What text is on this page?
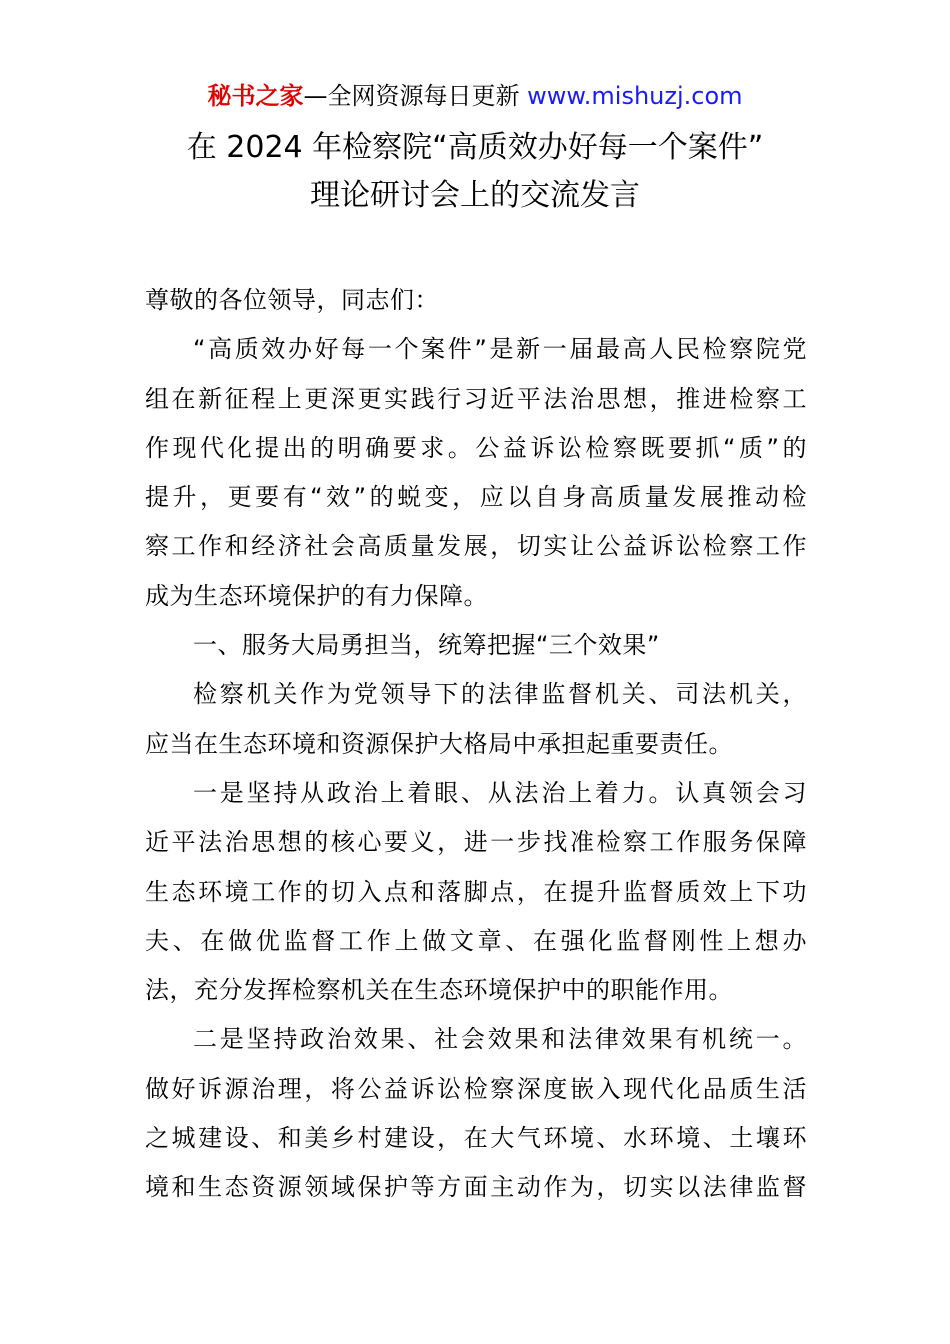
秘书之家—全网资源每日更新 www.mishuzj.com
在 2024 年检察院“高质效办好每一个案件”
理论研讨会上的交流发言
尊敬的各位领导，同志们：
“高质效办好每一个案件”是新一届最高人民检察院党
组在新征程上更深更实践行习近平法治思想，推进检察工
作现代化提出的明确要求。公益诉讼检察既要抓“质”的
提升，更要有“效”的蜕变，应以自身高质量发展推动检
察工作和经济社会高质量发展，切实让公益诉讼检察工作
成为生态环境保护的有力保障。
一、服务大局勇担当，统筹把握“三个效果”
检察机关作为党领导下的法律监督机关、司法机关，
应当在生态环境和资源保护大格局中承担起重要责任。
一是坚持从政治上着眼、从法治上着力。认真领会习
近平法治思想的核心要义，进一步找准检察工作服务保障
生态环境工作的切入点和落脚点，在提升监督质效上下功
夫、在做优监督工作上做文章、在强化监督刚性上想办
法，充分发挥检察机关在生态环境保护中的职能作用。
二是坚持政治效果、社会效果和法律效果有机统一。
做好诉源治理，将公益诉讼检察深度嵌入现代化品质生活
之城建设、和美乡村建设，在大气环境、水环境、土壤环
境和生态资源领域保护等方面主动作为，切实以法律监督
